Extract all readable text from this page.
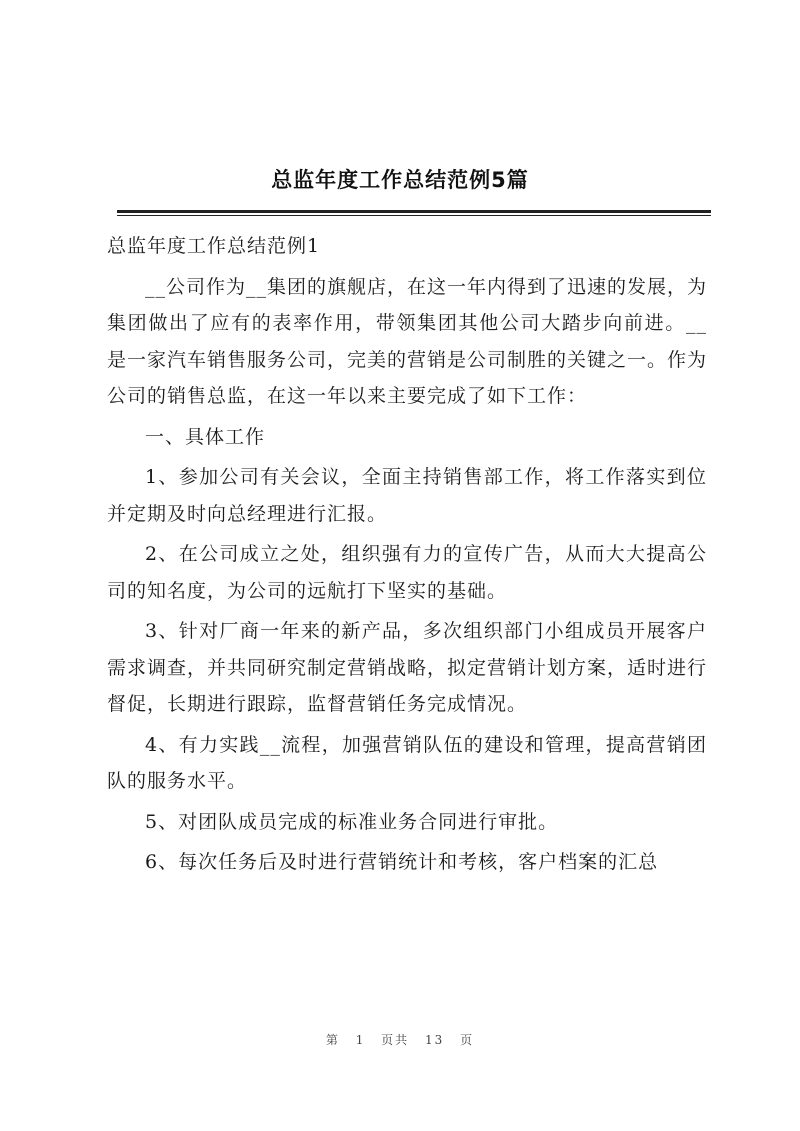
总监年度工作总结范例5篇

总监年度工作总结范例1

__公司作为__集团的旗舰店，在这一年内得到了迅速的发展，为集团做出了应有的表率作用，带领集团其他公司大踏步向前进。__是一家汽车销售服务公司，完美的营销是公司制胜的关键之一。作为公司的销售总监，在这一年以来主要完成了如下工作：

一、具体工作

1、参加公司有关会议，全面主持销售部工作，将工作落实到位并定期及时向总经理进行汇报。

2、在公司成立之处，组织强有力的宣传广告，从而大大提高公司的知名度，为公司的远航打下坚实的基础。

3、针对厂商一年来的新产品，多次组织部门小组成员开展客户需求调查，并共同研究制定营销战略，拟定营销计划方案，适时进行督促，长期进行跟踪，监督营销任务完成情况。

4、有力实践__流程，加强营销队伍的建设和管理，提高营销团队的服务水平。

5、对团队成员完成的标准业务合同进行审批。

6、每次任务后及时进行营销统计和考核，客户档案的汇总

第 1 页共 13 页
